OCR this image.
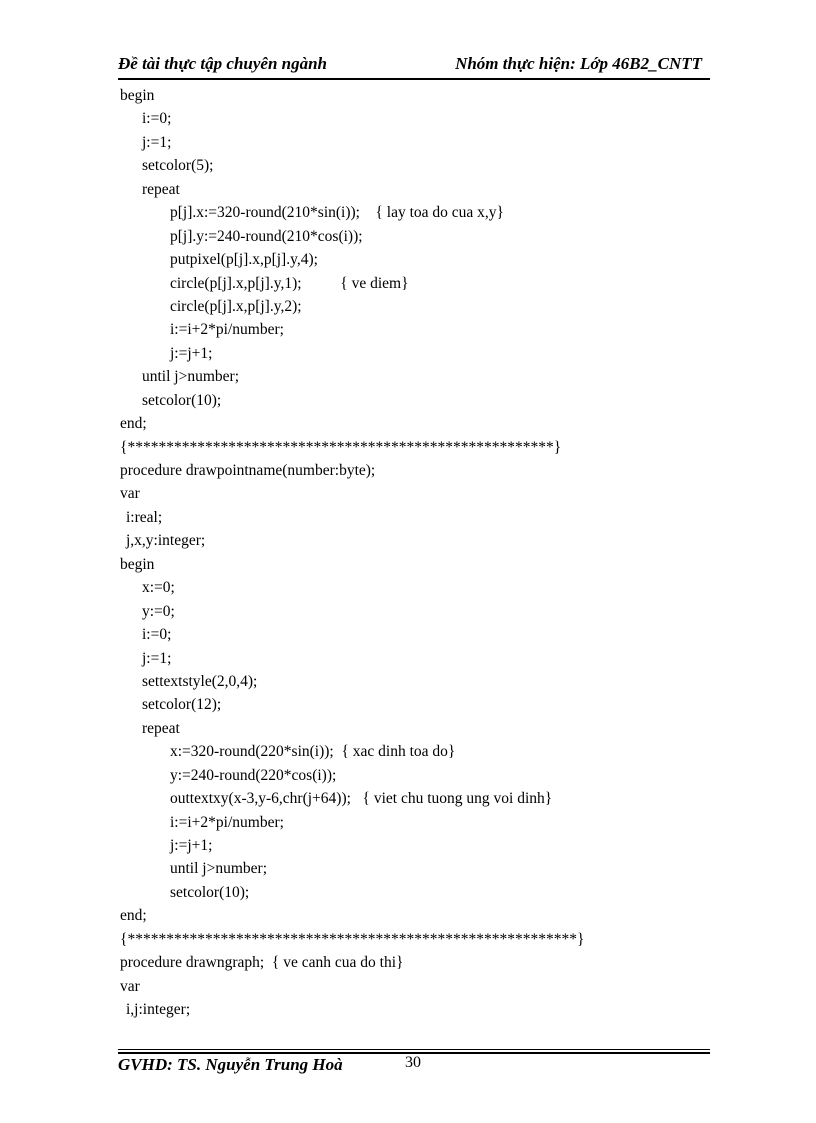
Đề tài thực tập chuyên ngành	Nhóm thực hiện: Lớp 46B2_CNTT
begin
i:=0;
j:=1;
setcolor(5);
repeat
p[j].x:=320-round(210*sin(i));    { lay toa do cua x,y}
p[j].y:=240-round(210*cos(i));
putpixel(p[j].x,p[j].y,4);
circle(p[j].x,p[j].y,1);          { ve diem}
circle(p[j].x,p[j].y,2);
i:=i+2*pi/number;
j:=j+1;
until j>number;
setcolor(10);
end;
{*******************************************************}
procedure drawpointname(number:byte);
var
i:real;
j,x,y:integer;
begin
x:=0;
y:=0;
i:=0;
j:=1;
settextstyle(2,0,4);
setcolor(12);
repeat
x:=320-round(220*sin(i));  { xac dinh toa do}
y:=240-round(220*cos(i));
outtextxy(x-3,y-6,chr(j+64));   { viet chu tuong ung voi dinh}
i:=i+2*pi/number;
j:=j+1;
until j>number;
setcolor(10);
end;
{**********************************************************}
procedure drawngraph;  { ve canh cua do thi}
var
i,j:integer;
GVHD: TS. Nguyễn Trung Hoà	30
